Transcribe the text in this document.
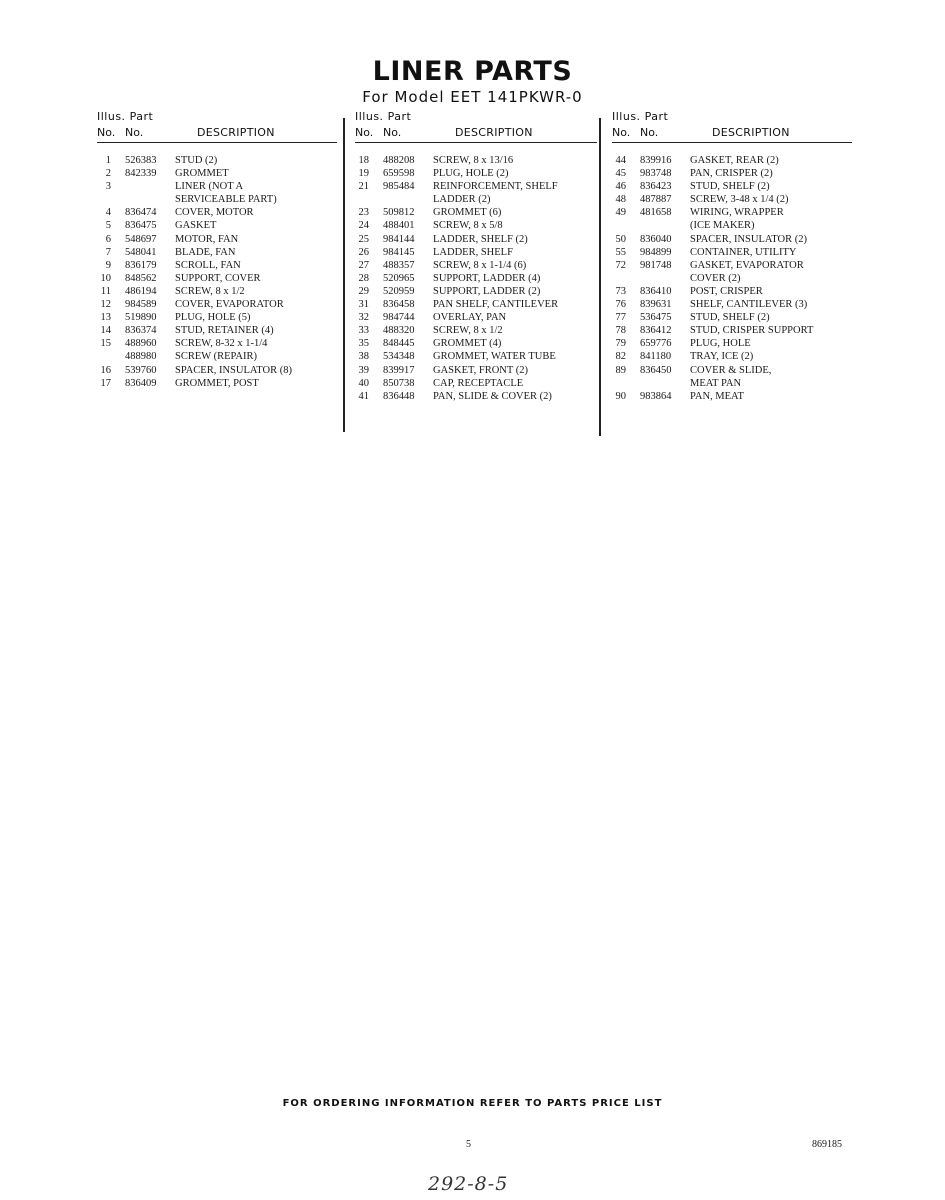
LINER PARTS
For Model EET 141PKWR-0
Illus. Part
No. No.	DESCRIPTION
1 526383 STUD (2)
2 842339 GROMMET
3	LINER (NOT A
SERVICEABLE PART)
4 836474 COVER, MOTOR
5 836475 GASKET
6 548697 MOTOR, FAN
7 548041 BLADE, FAN
9 836179 SCROLL, FAN
10 848562 SUPPORT, COVER
11 486194 SCREW, 8 x 1/2
12 984589 COVER, EVAPORATOR
13 519890 PLUG, HOLE (5)
14 836374 STUD, RETAINER (4)
15 488960 SCREW, 8-32 x 1-1/4
488980 SCREW (REPAIR)
16 539760 SPACER, INSULATOR (8)
17 836409 GROMMET, POST
Illus. Part
No. No.	DESCRIPTION
18 488208 SCREW, 8 x 13/16
19 659598 PLUG, HOLE (2)
21 985484 REINFORCEMENT, SHELF
LADDER (2)
23 509812 GROMMET (6)
24 488401 SCREW, 8 x 5/8
25 984144 LADDER, SHELF (2)
26 984145 LADDER, SHELF
27 488357 SCREW, 8 x 1-1/4 (6)
28 520965 SUPPORT, LADDER (4)
29 520959 SUPPORT, LADDER (2)
31 836458 PAN SHELF, CANTILEVER
32 984744 OVERLAY, PAN
33 488320 SCREW, 8 x 1/2
35 848445 GROMMET (4)
38 534348 GROMMET, WATER TUBE
39 839917 GASKET, FRONT (2)
40 850738 CAP, RECEPTACLE
41 836448 PAN, SLIDE & COVER (2)
Illus. Part
No. No.	DESCRIPTION
44 839916 GASKET, REAR (2)
45 983748 PAN, CRISPER (2)
46 836423 STUD, SHELF (2)
48 487887 SCREW, 3-48 x 1/4 (2)
49 481658 WIRING, WRAPPER
(ICE MAKER)
50 836040 SPACER, INSULATOR (2)
55 984899 CONTAINER, UTILITY
72 981748 GASKET, EVAPORATOR
COVER (2)
73 836410 POST, CRISPER
76 839631 SHELF, CANTILEVER (3)
77 536475 STUD, SHELF (2)
78 836412 STUD, CRISPER SUPPORT
79 659776 PLUG, HOLE
82 841180 TRAY, ICE (2)
89 836450 COVER & SLIDE,
MEAT PAN
90 983864 PAN, MEAT
FOR ORDERING INFORMATION REFER TO PARTS PRICE LIST
5	869185
292-8-5
